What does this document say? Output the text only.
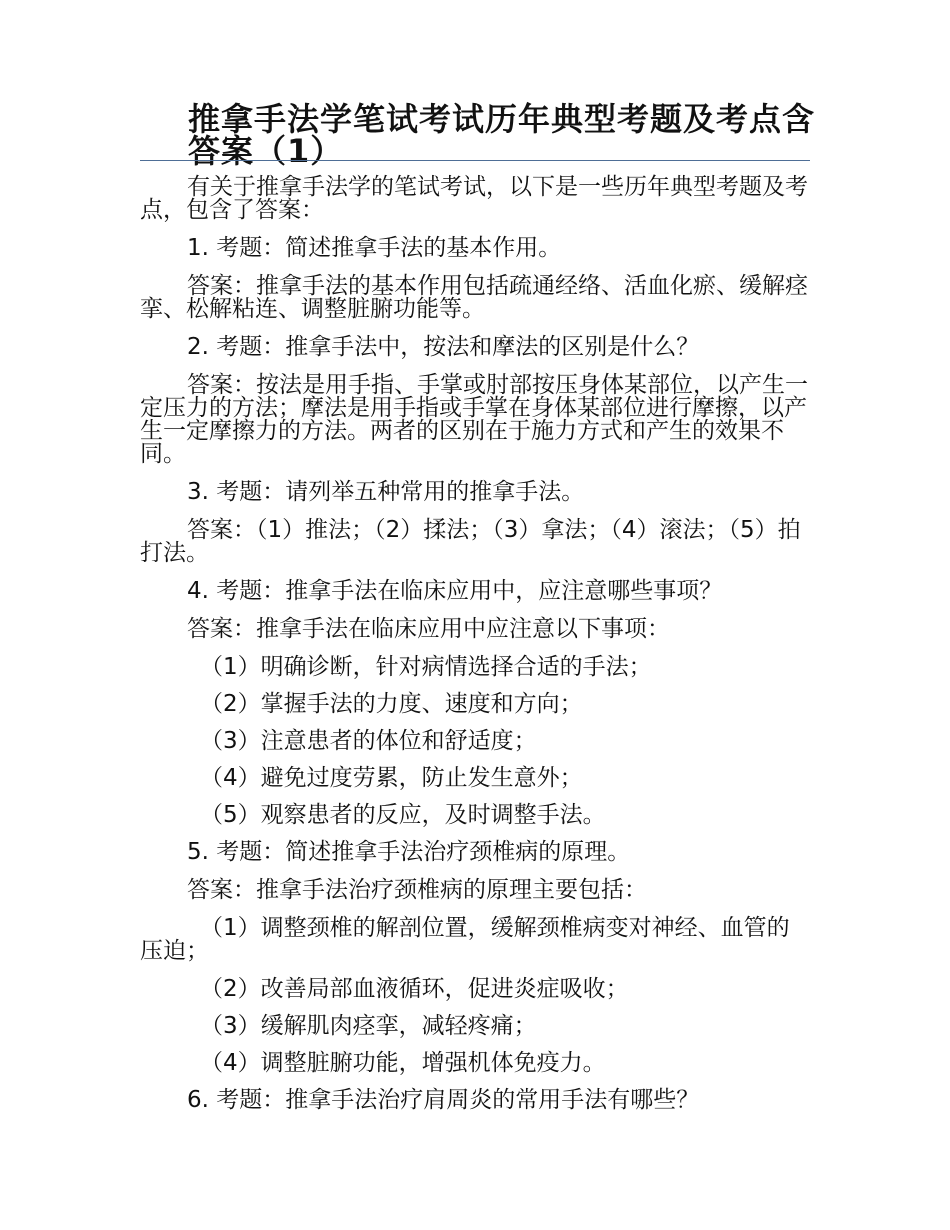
推拿手法学笔试考试历年典型考题及考点含答案（1）

有关于推拿手法学的笔试考试，以下是一些历年典型考题及考点，包含了答案：

1. 考题：简述推拿手法的基本作用。

答案：推拿手法的基本作用包括疏通经络、活血化瘀、缓解痉挛、松解粘连、调整脏腑功能等。

2. 考题：推拿手法中，按法和摩法的区别是什么？

答案：按法是用手指、手掌或肘部按压身体某部位，以产生一定压力的方法；摩法是用手指或手掌在身体某部位进行摩擦，以产生一定摩擦力的方法。两者的区别在于施力方式和产生的效果不同。

3. 考题：请列举五种常用的推拿手法。

答案：（1）推法；（2）揉法；（3）拿法；（4）滚法；（5）拍打法。

4. 考题：推拿手法在临床应用中，应注意哪些事项？

答案：推拿手法在临床应用中应注意以下事项：

（1）明确诊断，针对病情选择合适的手法；

（2）掌握手法的力度、速度和方向；

（3）注意患者的体位和舒适度；

（4）避免过度劳累，防止发生意外；

（5）观察患者的反应，及时调整手法。

5. 考题：简述推拿手法治疗颈椎病的原理。

答案：推拿手法治疗颈椎病的原理主要包括：

（1）调整颈椎的解剖位置，缓解颈椎病变对神经、血管的压迫；

（2）改善局部血液循环，促进炎症吸收；

（3）缓解肌肉痉挛，减轻疼痛；

（4）调整脏腑功能，增强机体免疫力。

6. 考题：推拿手法治疗肩周炎的常用手法有哪些？
